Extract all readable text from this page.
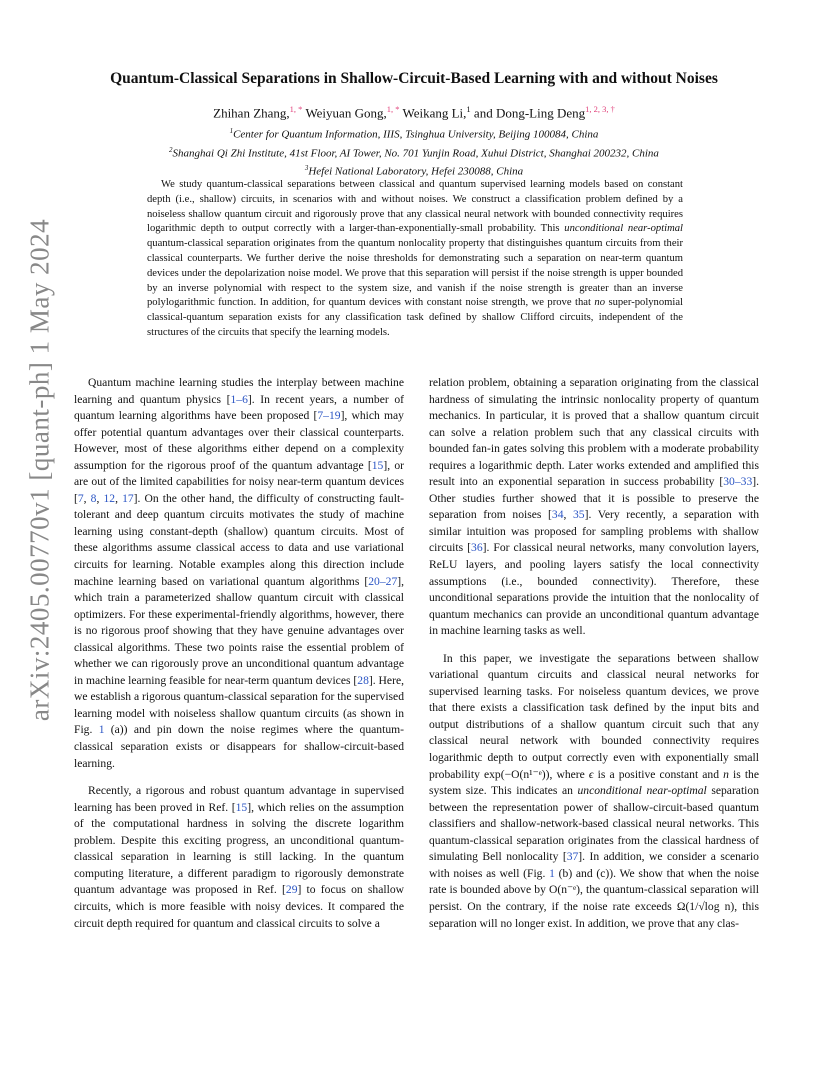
arXiv:2405.00770v1 [quant-ph] 1 May 2024
Quantum-Classical Separations in Shallow-Circuit-Based Learning with and without Noises
Zhihan Zhang,$^{1, *}$ Weiyuan Gong,$^{1, *}$ Weikang Li,$^1$ and Dong-Ling Deng$^{1, 2, 3, \dagger}$
$^1$Center for Quantum Information, IIIS, Tsinghua University, Beijing 100084, China
$^2$Shanghai Qi Zhi Institute, 41st Floor, AI Tower, No. 701 Yunjin Road, Xuhui District, Shanghai 200232, China
$^3$Hefei National Laboratory, Hefei 230088, China
We study quantum-classical separations between classical and quantum supervised learning models based on constant depth (i.e., shallow) circuits, in scenarios with and without noises. We construct a classification problem defined by a noiseless shallow quantum circuit and rigorously prove that any classical neural network with bounded connectivity requires logarithmic depth to output correctly with a larger-than-exponentially-small probability. This unconditional near-optimal quantum-classical separation originates from the quantum nonlocality property that distinguishes quantum circuits from their classical counterparts. We further derive the noise thresholds for demonstrating such a separation on near-term quantum devices under the depolarization noise model. We prove that this separation will persist if the noise strength is upper bounded by an inverse polynomial with respect to the system size, and vanish if the noise strength is greater than an inverse polylogarithmic function. In addition, for quantum devices with constant noise strength, we prove that no super-polynomial classical-quantum separation exists for any classification task defined by shallow Clifford circuits, independent of the structures of the circuits that specify the learning models.

Quantum machine learning studies the interplay between machine learning and quantum physics [1–6]. In recent years, a number of quantum learning algorithms have been proposed [7–19], which may offer potential quantum advantages over their classical counterparts. However, most of these algorithms either depend on a complexity assumption for the rigorous proof of the quantum advantage [15], or are out of the limited capabilities for noisy near-term quantum devices [7, 8, 12, 17]. On the other hand, the difficulty of constructing fault-tolerant and deep quantum circuits motivates the study of machine learning using constant-depth (shallow) quantum circuits. Most of these algorithms assume classical access to data and use variational circuits for learning. Notable examples along this direction include machine learning based on variational quantum algorithms [20–27], which train a parameterized shallow quantum circuit with classical optimizers. For these experimental-friendly algorithms, however, there is no rigorous proof showing that they have genuine advantages over classical algorithms. These two points raise the essential problem of whether we can rigorously prove an unconditional quantum advantage in machine learning feasible for near-term quantum devices [28]. Here, we establish a rigorous quantum-classical separation for the supervised learning model with noiseless shallow quantum circuits (as shown in Fig. 1 (a)) and pin down the noise regimes where the quantum-classical separation exists or disappears for shallow-circuit-based learning.

Recently, a rigorous and robust quantum advantage in supervised learning has been proved in Ref. [15], which relies on the assumption of the computational hardness in solving the discrete logarithm problem. Despite this exciting progress, an unconditional quantum-classical separation in learning is still lacking. In the quantum computing literature, a different paradigm to rigorously demonstrate quantum advantage was proposed in Ref. [29] to focus on shallow circuits, which is more feasible with noisy devices. It compared the circuit depth required for quantum and classical circuits to solve a

relation problem, obtaining a separation originating from the classical hardness of simulating the intrinsic nonlocality property of quantum mechanics. In particular, it is proved that a shallow quantum circuit can solve a relation problem such that any classical circuits with bounded fan-in gates solving this problem with a moderate probability requires a logarithmic depth. Later works extended and amplified this result into an exponential separation in success probability [30–33]. Other studies further showed that it is possible to preserve the separation from noises [34, 35]. Very recently, a separation with similar intuition was proposed for sampling problems with shallow circuits [36]. For classical neural networks, many convolution layers, ReLU layers, and pooling layers satisfy the local connectivity assumptions (i.e., bounded connectivity). Therefore, these unconditional separations provide the intuition that the nonlocality of quantum mechanics can provide an unconditional quantum advantage in machine learning tasks as well.

In this paper, we investigate the separations between shallow variational quantum circuits and classical neural networks for supervised learning tasks. For noiseless quantum devices, we prove that there exists a classification task defined by the input bits and output distributions of a shallow quantum circuit such that any classical neural network with bounded connectivity requires logarithmic depth to output correctly even with exponentially small probability exp(−O(n¹⁻ᵉ)), where ϵ is a positive constant and n is the system size. This indicates an unconditional near-optimal separation between the representation power of shallow-circuit-based quantum classifiers and shallow-network-based classical neural networks. This quantum-classical separation originates from the classical hardness of simulating Bell nonlocality [37]. In addition, we consider a scenario with noises as well (Fig. 1 (b) and (c)). We show that when the noise rate is bounded above by O(n⁻ᵉ), the quantum-classical separation will persist. On the contrary, if the noise rate exceeds Ω(1/√log n), this separation will no longer exist. In addition, we prove that any clas-
